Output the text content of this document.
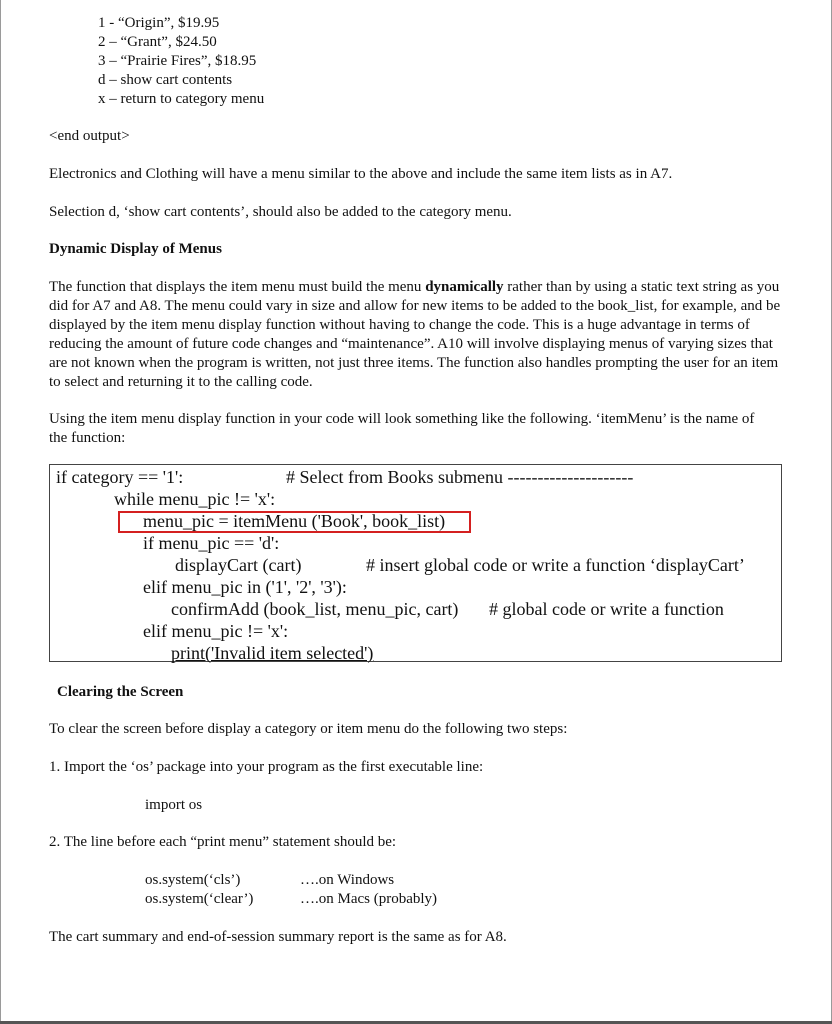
1 - “Origin”, $19.95
2 – “Grant”, $24.50
3 – “Prairie Fires”, $18.95
d – show cart contents
x – return to category menu
<end output>
Electronics and Clothing will have a menu similar to the above and include the same item lists as in A7.
Selection d, ‘show cart contents’, should also be added to the category menu.
Dynamic Display of Menus
The function that displays the item menu must build the menu dynamically rather than by using a static text string as you did for A7 and A8. The menu could vary in size and allow for new items to be added to the book_list, for example, and be displayed by the item menu display function without having to change the code. This is a huge advantage in terms of reducing the amount of future code changes and “maintenance”. A10 will involve displaying menus of varying sizes that are not known when the program is written, not just three items. The function also handles prompting the user for an item to select and returning it to the calling code.
Using the item menu display function in your code will look something like the following. ‘itemMenu’ is the name of the function:
if category == '1':	# Select from Books submenu ---------------------
while menu_pic != 'x':
menu_pic = itemMenu ('Book', book_list)
if menu_pic == 'd':
displayCart (cart)	# insert global code or write a function ‘displayCart’
elif menu_pic in ('1', '2', '3'):
confirmAdd (book_list, menu_pic, cart) # global code or write a function
elif menu_pic != 'x':
print('Invalid item selected')
Clearing the Screen
To clear the screen before display a category or item menu do the following two steps:
1. Import the ‘os’ package into your program as the first executable line:
import os
2. The line before each “print menu” statement should be:
os.system(‘cls’)	….on Windows
os.system(‘clear’)	….on Macs (probably)
The cart summary and end-of-session summary report is the same as for A8.
